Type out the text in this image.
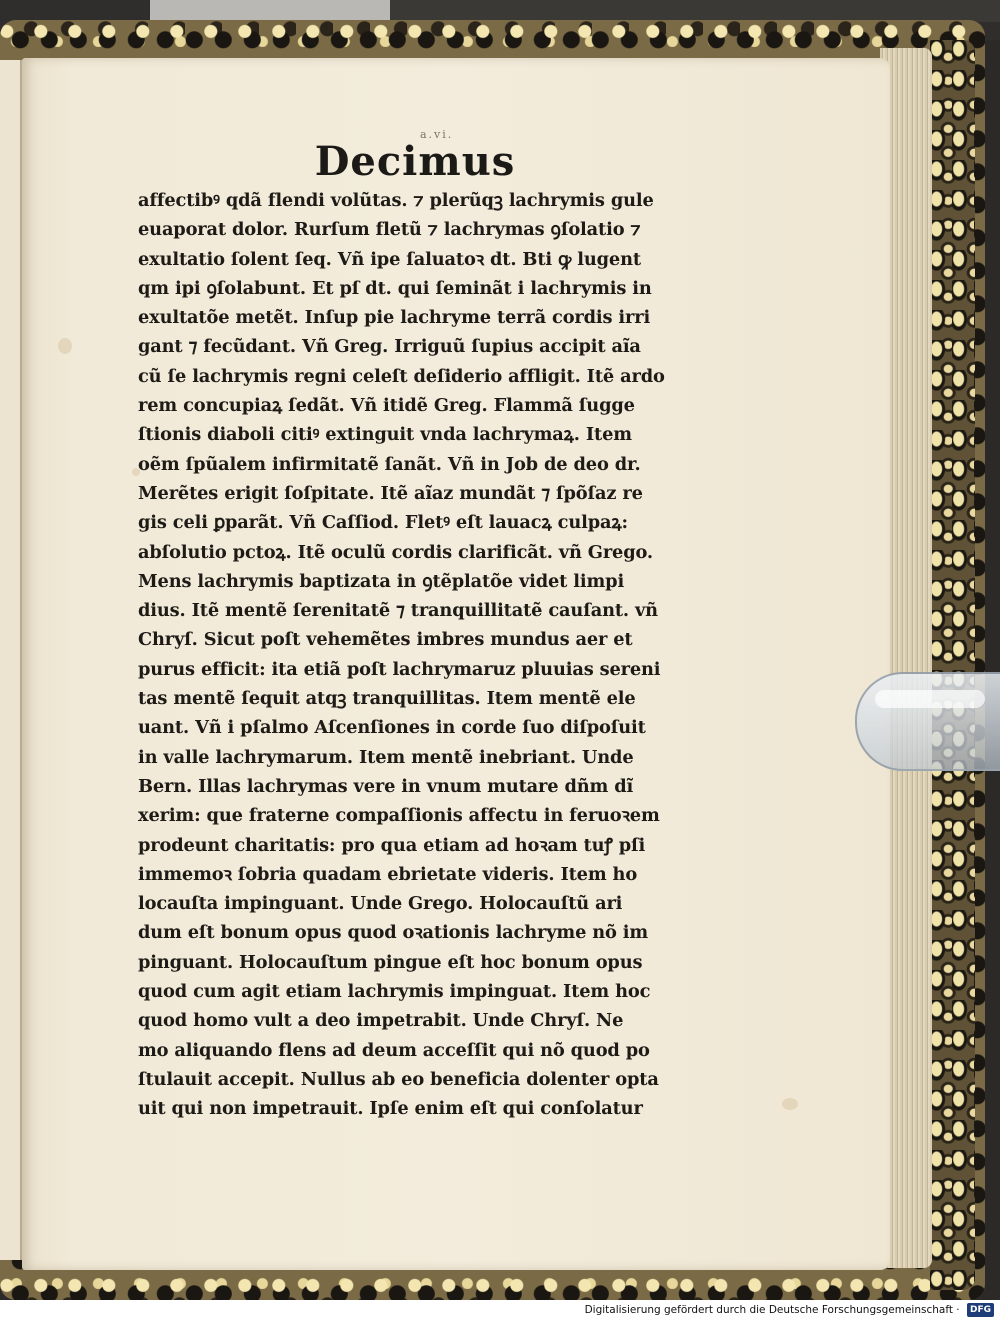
a.vi.
Decimus
affectibꝰ qdã flendi volũtas. ⁊ plerũqꝫ lachrymis gule
euaporat dolor. Rurſum fletũ ⁊ lachrymas ꝯſolatio ⁊
exultatio ſolent ſeq. Vñ ipe ſaluatoꝛ dt. Bti ꝙ lugent
qm ipi ꝯſolabunt. Et pſ dt. qui ſeminãt i lachrymis in
exultatõe metẽt. Inſup pie lachryme terrã cordis irri
gant ⁊ fecũdant. Vñ Greg. Irriguũ ſupius accipit aĩa
cũ ſe lachrymis regni celeſt deſiderio affligit. Itẽ ardo
rem concupiaꝝ ſedãt. Vñ itidẽ Greg. Flammã ſugge
ſtionis diaboli citiꝰ extinguit vnda lachrymaꝝ. Item
oẽm ſpũalem infirmitatẽ ſanãt. Vñ in Job de deo dr.
Merẽtes erigit ſoſpitate. Itẽ aĩaz mundãt ⁊ ſpõſaz re
gis celi ꝑparãt. Vñ Caſſiod. Fletꝰ eſt lauacꝝ culpaꝝ:
abſolutio pctoꝝ. Itẽ oculũ cordis clarificãt. vñ Grego.
Mens lachrymis baptizata in ꝯtẽplatõe videt limpi
dius. Itẽ mentẽ ſerenitatẽ ⁊ tranquillitatẽ cauſant. vñ
Chryſ. Sicut poſt vehemẽtes imbres mundus aer et
purus efficit: ita etiã poſt lachrymaruz pluuias sereni
tas mentẽ ſequit atqꝫ tranquillitas. Item mentẽ ele
uant. Vñ i pſalmo Aſcenſiones in corde ſuo diſpoſuit
in valle lachrymarum. Item mentẽ inebriant. Unde
Bern. Illas lachrymas vere in vnum mutare dñm dĩ
xerim: que fraterne compaſſionis affectu in feruoꝛem
prodeunt charitatis: pro qua etiam ad hoꝛam tuꝭ pſi
immemoꝛ ſobria quadam ebrietate videris. Item ho
locauſta impinguant. Unde Grego. Holocauſtũ ari
dum eſt bonum opus quod oꝛationis lachryme nõ im
pinguant. Holocauſtum pingue eſt hoc bonum opus
quod cum agit etiam lachrymis impinguat. Item hoc
quod homo vult a deo impetrabit. Unde Chryſ. Ne
mo aliquando flens ad deum acceſſit qui nõ quod po
ſtulauit accepit. Nullus ab eo beneficia dolenter opta
uit qui non impetrauit. Ipſe enim eſt qui conſolatur
Digitalisierung gefördert durch die Deutsche Forschungsgemeinschaft · DFG
